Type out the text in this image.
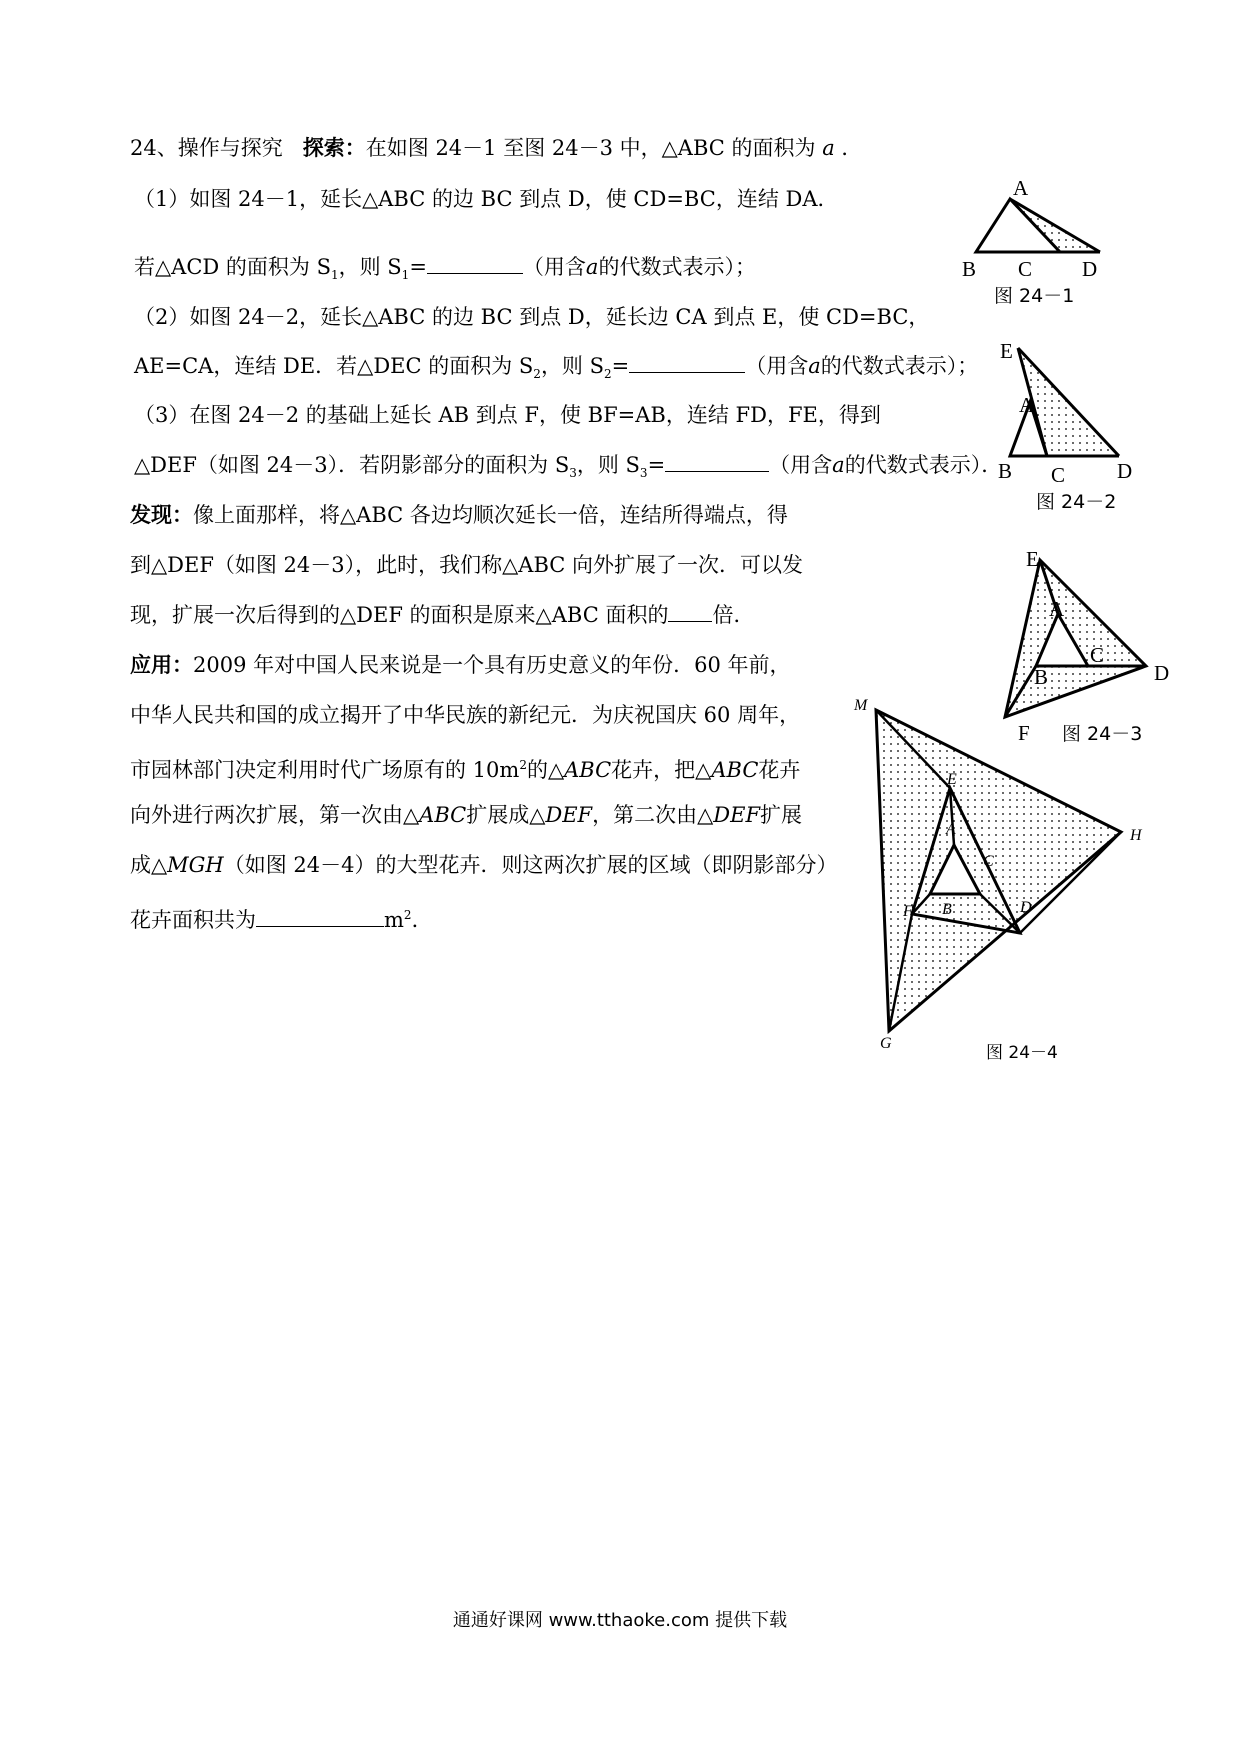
24、操作与探究 探索：在如图 24－1 至图 24－3 中，△ABC 的面积为 a ．
（1）如图 24－1，延长△ABC 的边 BC 到点 D，使 CD=BC，连结 DA．
若△ACD 的面积为 $S_1$，则 $S_1=$	（用含a的代数式表示）；
（2）如图 24－2，延长△ABC 的边 BC 到点 D，延长边 CA 到点 E，使 CD=BC，
AE=CA，连结 DE．若△DEC 的面积为 $S_2$，则 $S_2=$	（用含a的代数式表示）；
（3）在图 24－2 的基础上延长 AB 到点 F，使 BF=AB，连结 FD，FE，得到
△DEF（如图 24－3）．若阴影部分的面积为 $S_3$，则 $S_3=$	（用含a的代数式表示）．
发现：像上面那样，将△ABC 各边均顺次延长一倍，连结所得端点，得
到△DEF（如图 24－3），此时，我们称△ABC 向外扩展了一次．可以发
现，扩展一次后得到的△DEF 的面积是原来△ABC 面积的 倍．
应用：2009 年对中国人民来说是一个具有历史意义的年份．60 年前，
中华人民共和国的成立揭开了中华民族的新纪元．为庆祝国庆 60 周年，
市园林部门决定利用时代广场原有的 $10m^2$的△ABC花卉，把△ABC花卉
向外进行两次扩展，第一次由△ABC扩展成△DEF，第二次由△DEF扩展
成△MGH（如图 24－4）的大型花卉．则这两次扩展的区域（即阴影部分）
花卉面积共为	$m^2$．
A
B C D
图 24－1
E
A
B C D
图 24－2
E
A
B
C
D
F 图 24－3
M
E
A
C
B	D
H
F
G	图 24－4
通通好课网 www.tthaoke.com 提供下载
